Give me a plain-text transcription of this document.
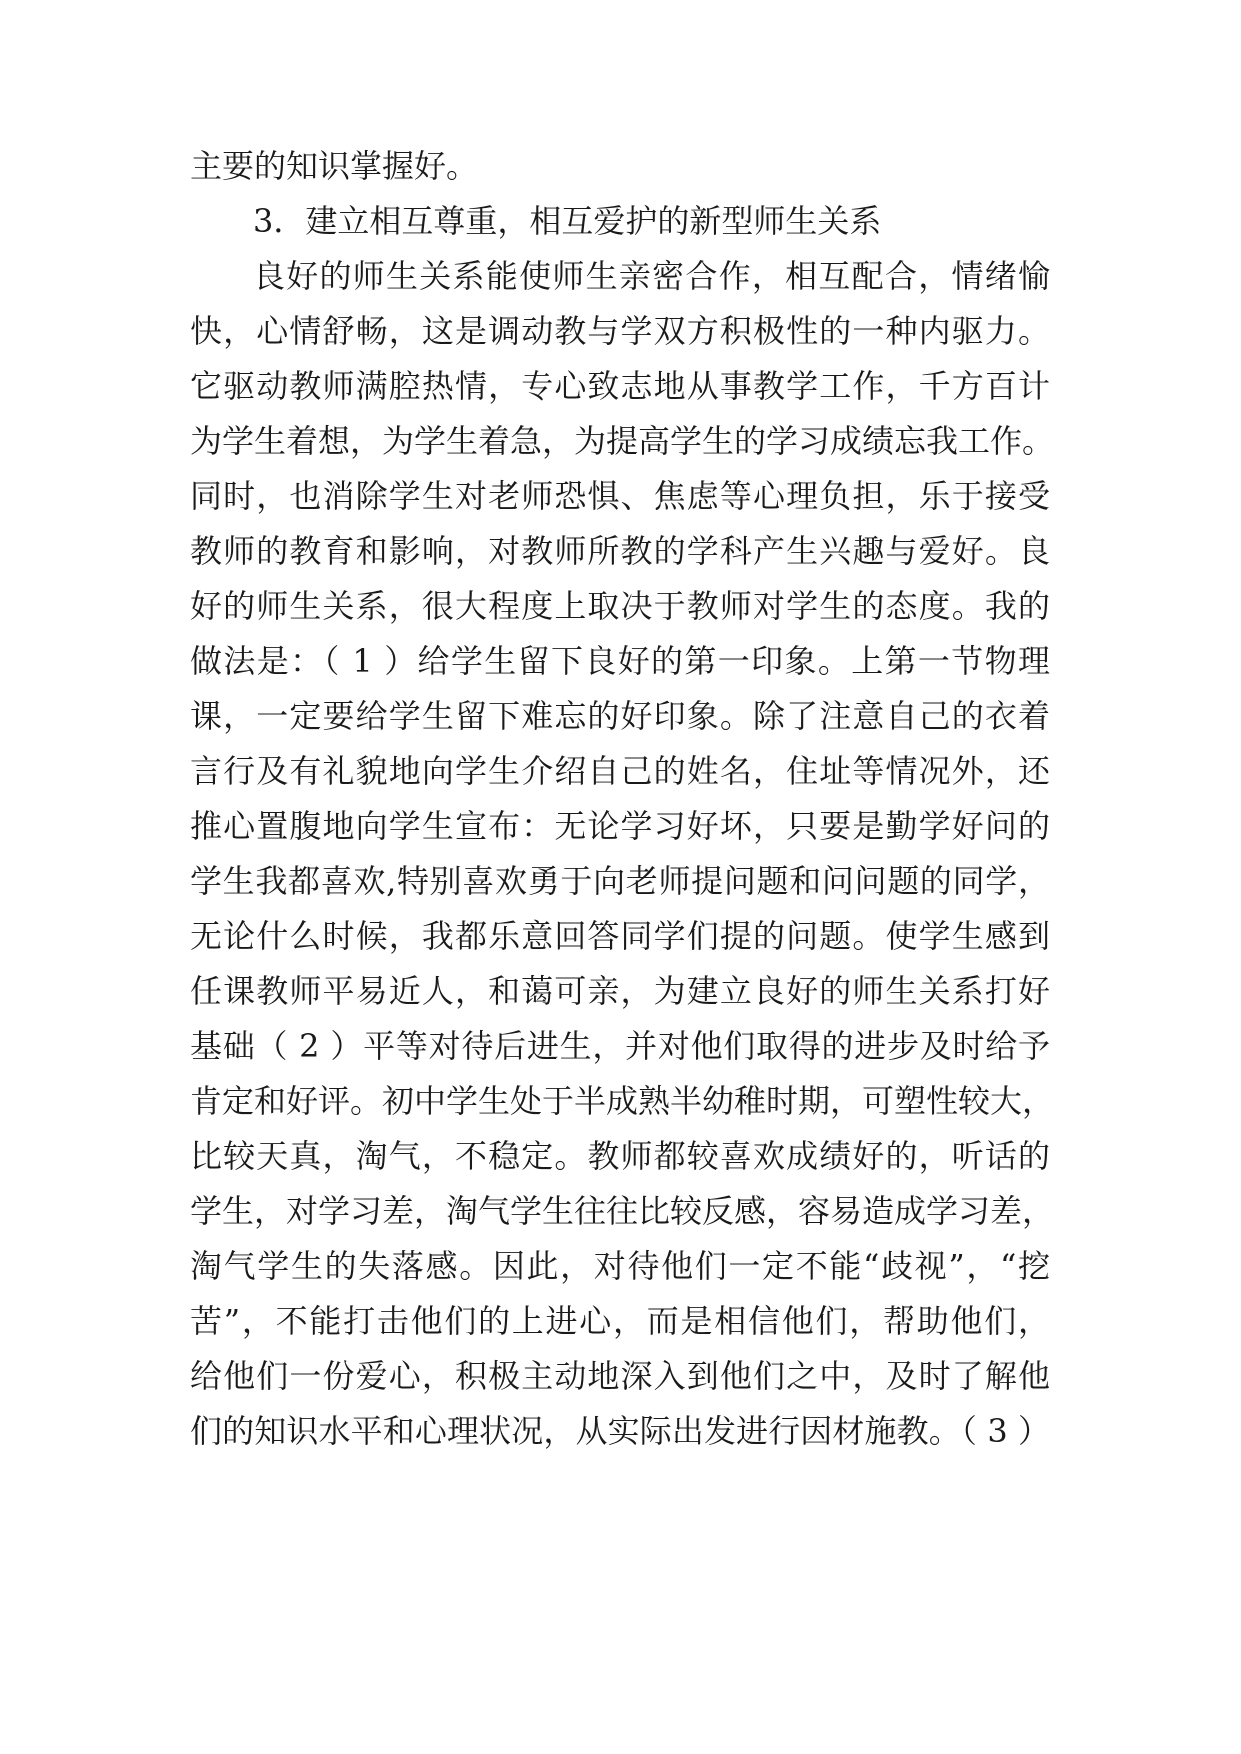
主要的知识掌握好。
3．建立相互尊重，相互爱护的新型师生关系
良好的师生关系能使师生亲密合作，相互配合，情绪愉
快，心情舒畅，这是调动教与学双方积极性的一种内驱力。
它驱动教师满腔热情，专心致志地从事教学工作，千方百计
为学生着想，为学生着急，为提高学生的学习成绩忘我工作。
同时，也消除学生对老师恐惧、焦虑等心理负担，乐于接受
教师的教育和影响，对教师所教的学科产生兴趣与爱好。良
好的师生关系，很大程度上取决于教师对学生的态度。我的
做法是：（ 1 ）给学生留下良好的第一印象。上第一节物理
课，一定要给学生留下难忘的好印象。除了注意自己的衣着
言行及有礼貌地向学生介绍自己的姓名，住址等情况外，还
推心置腹地向学生宣布：无论学习好坏，只要是勤学好问的
学生我都喜欢,特别喜欢勇于向老师提问题和问问题的同学，
无论什么时候，我都乐意回答同学们提的问题。使学生感到
任课教师平易近人，和蔼可亲，为建立良好的师生关系打好
基础（ 2 ）平等对待后进生，并对他们取得的进步及时给予
肯定和好评。初中学生处于半成熟半幼稚时期，可塑性较大，
比较天真，淘气，不稳定。教师都较喜欢成绩好的，听话的
学生，对学习差，淘气学生往往比较反感，容易造成学习差，
淘气学生的失落感。因此，对待他们一定不能“歧视”，“挖
苦”，不能打击他们的上进心，而是相信他们，帮助他们，
给他们一份爱心，积极主动地深入到他们之中，及时了解他
们的知识水平和心理状况，从实际出发进行因材施教。（ 3 ）
